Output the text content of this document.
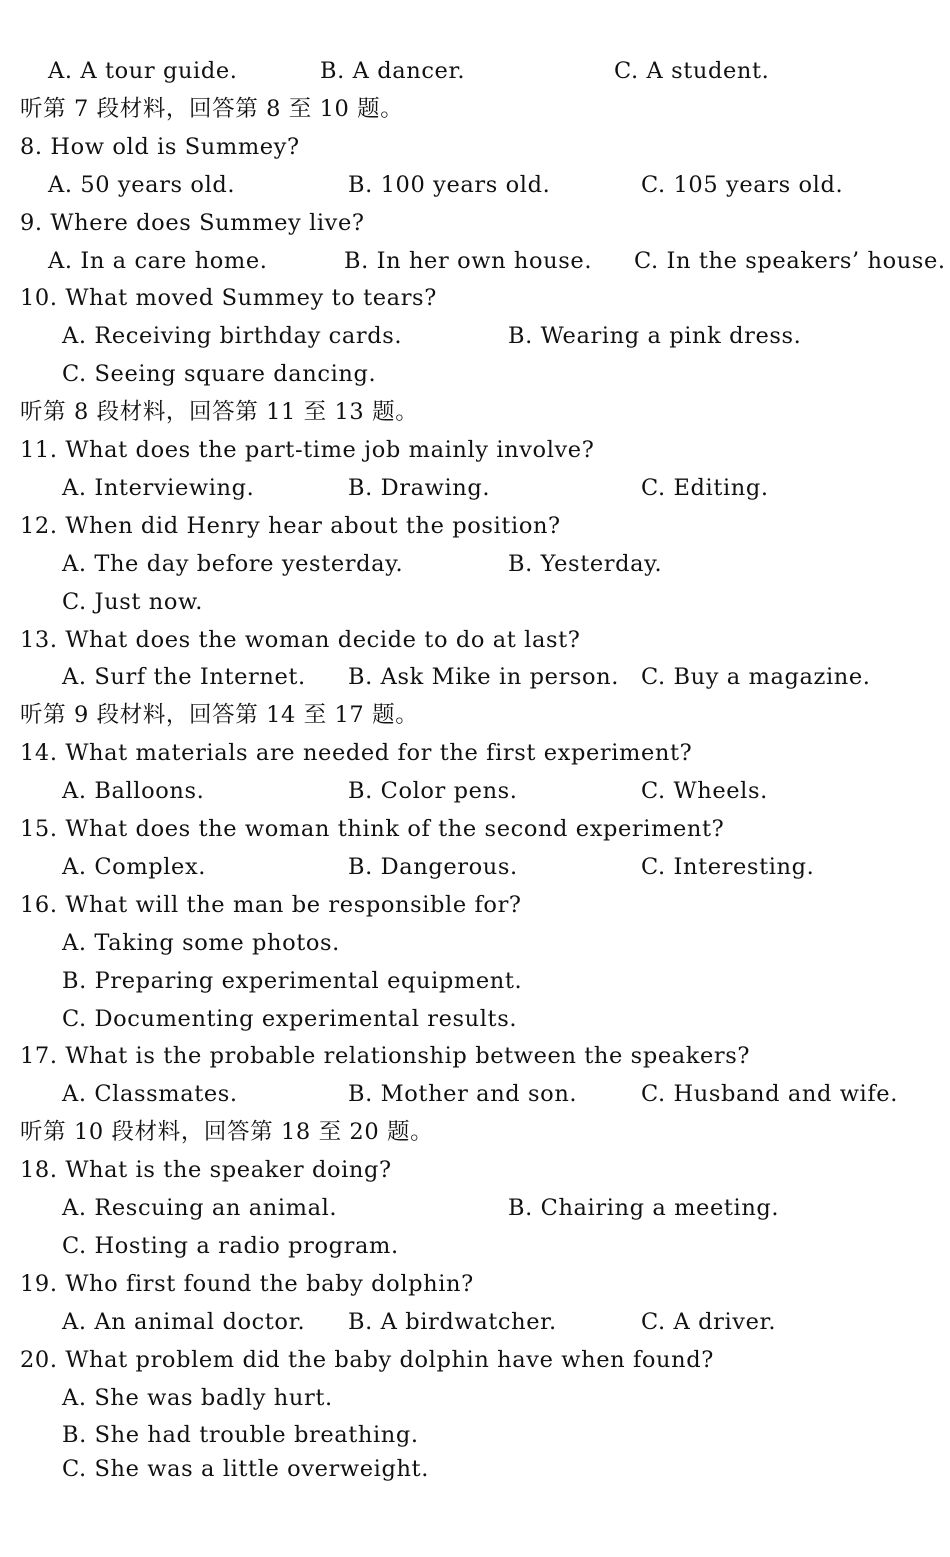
A. A tour guide.	B. A dancer.	C. A student.
听第 7 段材料，回答第 8 至 10 题。
8. How old is Summey?
A. 50 years old.	B. 100 years old.	C. 105 years old.
9. Where does Summey live?
A. In a care home.	B. In her own house. C. In the speakers’ house.
10. What moved Summey to tears?
A. Receiving birthday cards.	B. Wearing a pink dress.
C. Seeing square dancing.
听第 8 段材料，回答第 11 至 13 题。
11. What does the part-time job mainly involve?
A. Interviewing.	B. Drawing.	C. Editing.
12. When did Henry hear about the position?
A. The day before yesterday.	B. Yesterday.
C. Just now.
13. What does the woman decide to do at last?
A. Surf the Internet. B. Ask Mike in person. C. Buy a magazine.
听第 9 段材料，回答第 14 至 17 题。
14. What materials are needed for the first experiment?
A. Balloons.	B. Color pens.	C. Wheels.
15. What does the woman think of the second experiment?
A. Complex.	B. Dangerous.	C. Interesting.
16. What will the man be responsible for?
A. Taking some photos.
B. Preparing experimental equipment.
C. Documenting experimental results.
17. What is the probable relationship between the speakers?
A. Classmates.	B. Mother and son.	C. Husband and wife.
听第 10 段材料，回答第 18 至 20 题。
18. What is the speaker doing?
A. Rescuing an animal.	B. Chairing a meeting.
C. Hosting a radio program.
19. Who first found the baby dolphin?
A. An animal doctor. B. A birdwatcher.	C. A driver.
20. What problem did the baby dolphin have when found?
A. She was badly hurt.
B. She had trouble breathing.
C. She was a little overweight.
